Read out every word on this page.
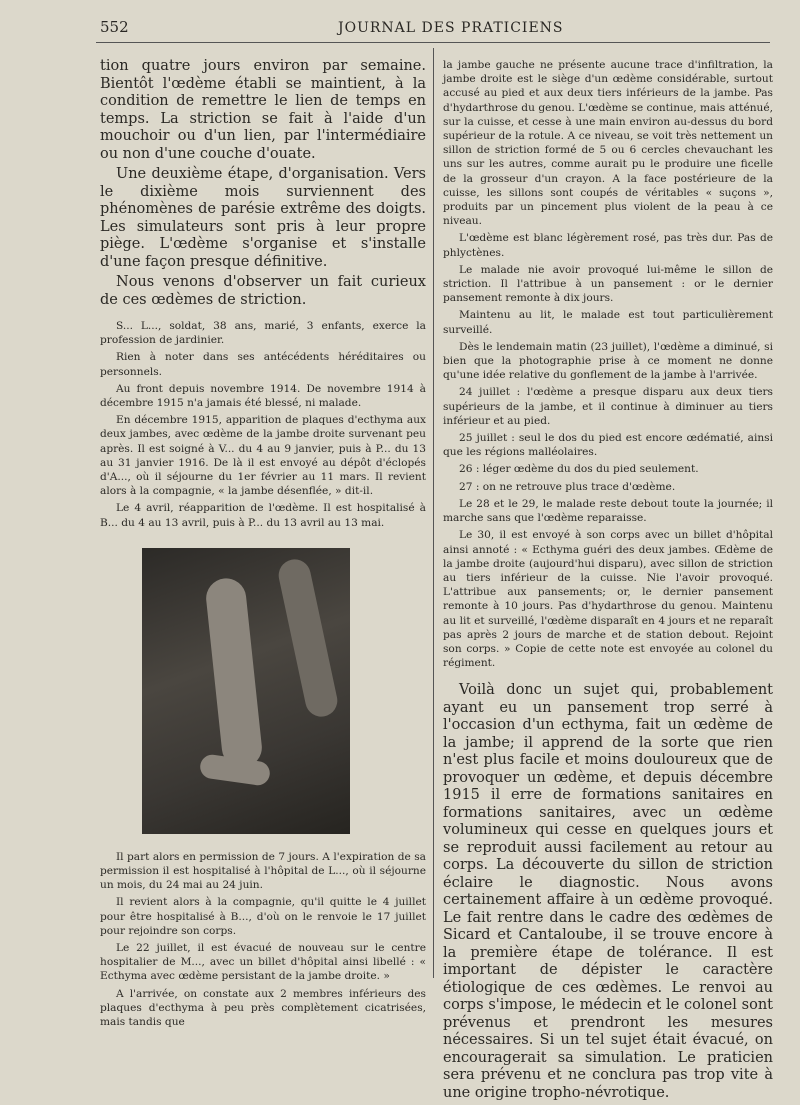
552	JOURNAL DES PRATICIENS

tion quatre jours environ par semaine. Bientôt l'œdème établi se maintient, à la condition de remettre le lien de temps en temps. La striction se fait à l'aide d'un mouchoir ou d'un lien, par l'intermédiaire ou non d'une couche d'ouate.

Une deuxième étape, d'organisation. Vers le dixième mois surviennent des phénomènes de parésie extrême des doigts. Les simulateurs sont pris à leur propre piège. L'œdème s'organise et s'installe d'une façon presque définitive.

Nous venons d'observer un fait curieux de ces œdèmes de striction.

S... L..., soldat, 38 ans, marié, 3 enfants, exerce la profession de jardinier.

Rien à noter dans ses antécédents héréditaires ou personnels.

Au front depuis novembre 1914. De novembre 1914 à décembre 1915 n'a jamais été blessé, ni malade.

En décembre 1915, apparition de plaques d'ecthyma aux deux jambes, avec œdème de la jambe droite survenant peu après. Il est soigné à V... du 4 au 9 janvier, puis à P... du 13 au 31 janvier 1916. De là il est envoyé au dépôt d'éclopés d'A..., où il séjourne du 1er février au 11 mars. Il revient alors à la compagnie, « la jambe désenflée, » dit-il.

Le 4 avril, réapparition de l'œdème. Il est hospitalisé à B... du 4 au 13 avril, puis à P... du 13 avril au 13 mai.

Il part alors en permission de 7 jours. A l'expiration de sa permission il est hospitalisé à l'hôpital de L..., où il séjourne un mois, du 24 mai au 24 juin.

Il revient alors à la compagnie, qu'il quitte le 4 juillet pour être hospitalisé à B..., d'où on le renvoie le 17 juillet pour rejoindre son corps.

Le 22 juillet, il est évacué de nouveau sur le centre hospitalier de M..., avec un billet d'hôpital ainsi libellé : « Ecthyma avec œdème persistant de la jambe droite. »

A l'arrivée, on constate aux 2 membres inférieurs des plaques d'ecthyma à peu près complètement cicatrisées, mais tandis que

la jambe gauche ne présente aucune trace d'infiltration, la jambe droite est le siège d'un œdème considérable, surtout accusé au pied et aux deux tiers inférieurs de la jambe. Pas d'hydarthrose du genou. L'œdème se continue, mais atténué, sur la cuisse, et cesse à une main environ au-dessus du bord supérieur de la rotule. A ce niveau, se voit très nettement un sillon de striction formé de 5 ou 6 cercles chevauchant les uns sur les autres, comme aurait pu le produire une ficelle de la grosseur d'un crayon. A la face postérieure de la cuisse, les sillons sont coupés de véritables « suçons », produits par un pincement plus violent de la peau à ce niveau.

L'œdème est blanc légèrement rosé, pas très dur. Pas de phlyctènes.

Le malade nie avoir provoqué lui-même le sillon de striction. Il l'attribue à un pansement : or le dernier pansement remonte à dix jours.

Maintenu au lit, le malade est tout particulièrement surveillé.

Dès le lendemain matin (23 juillet), l'œdème a diminué, si bien que la photographie prise à ce moment ne donne qu'une idée relative du gonflement de la jambe à l'arrivée.

24 juillet : l'œdème a presque disparu aux deux tiers supérieurs de la jambe, et il continue à diminuer au tiers inférieur et au pied.

25 juillet : seul le dos du pied est encore œdématié, ainsi que les régions malléolaires.

26 : léger œdème du dos du pied seulement.

27 : on ne retrouve plus trace d'œdème.

Le 28 et le 29, le malade reste debout toute la journée; il marche sans que l'œdème reparaisse.

Le 30, il est envoyé à son corps avec un billet d'hôpital ainsi annoté : « Ecthyma guéri des deux jambes. Œdème de la jambe droite (aujourd'hui disparu), avec sillon de striction au tiers inférieur de la cuisse. Nie l'avoir provoqué. L'attribue aux pansements; or, le dernier pansement remonte à 10 jours. Pas d'hydarthrose du genou. Maintenu au lit et surveillé, l'œdème disparaît en 4 jours et ne reparaît pas après 2 jours de marche et de station debout. Rejoint son corps. » Copie de cette note est envoyée au colonel du régiment.

Voilà donc un sujet qui, probablement ayant eu un pansement trop serré à l'occasion d'un ecthyma, fait un œdème de la jambe; il apprend de la sorte que rien n'est plus facile et moins douloureux que de provoquer un œdème, et depuis décembre 1915 il erre de formations sanitaires en formations sanitaires, avec un œdème volumineux qui cesse en quelques jours et se reproduit aussi facilement au retour au corps. La découverte du sillon de striction éclaire le diagnostic. Nous avons certainement affaire à un œdème provoqué. Le fait rentre dans le cadre des œdèmes de Sicard et Cantaloube, il se trouve encore à la première étape de tolérance. Il est important de dépister le caractère étiologique de ces œdèmes. Le renvoi au corps s'impose, le médecin et le colonel sont prévenus et prendront les mesures nécessaires. Si un tel sujet était évacué, on encouragerait sa simulation. Le praticien sera prévenu et ne conclura pas trop vite à une origine tropho-névrotique.
